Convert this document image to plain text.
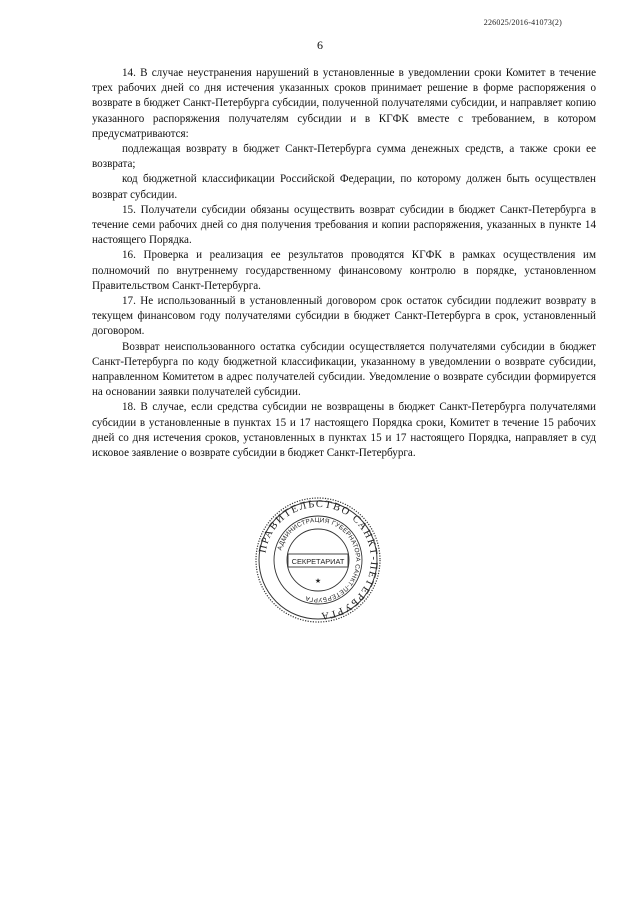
226025/2016-41073(2)
6

14. В случае неустранения нарушений в установленные в уведомлении сроки Комитет в течение трех рабочих дней со дня истечения указанных сроков принимает решение в форме распоряжения о возврате в бюджет Санкт-Петербурга субсидии, полученной получателями субсидии, и направляет копию указанного распоряжения получателям субсидии и в КГФК вместе с требованием, в котором предусматриваются:

подлежащая возврату в бюджет Санкт-Петербурга сумма денежных средств, а также сроки ее возврата;

код бюджетной классификации Российской Федерации, по которому должен быть осуществлен возврат субсидии.

15. Получатели субсидии обязаны осуществить возврат субсидии в бюджет Санкт-Петербурга в течение семи рабочих дней со дня получения требования и копии распоряжения, указанных в пункте 14 настоящего Порядка.

16. Проверка и реализация ее результатов проводятся КГФК в рамках осуществления им полномочий по внутреннему государственному финансовому контролю в порядке, установленном Правительством Санкт-Петербурга.

17. Не использованный в установленный договором срок остаток субсидии подлежит возврату в текущем финансовом году получателями субсидии в бюджет Санкт-Петербурга в срок, установленный договором.

Возврат неиспользованного остатка субсидии осуществляется получателями субсидии в бюджет Санкт-Петербурга по коду бюджетной классификации, указанному в уведомлении о возврате субсидии, направленном Комитетом в адрес получателей субсидии. Уведомление о возврате субсидии формируется на основании заявки получателей субсидии.

18. В случае, если средства субсидии не возвращены в бюджет Санкт-Петербурга получателями субсидии в установленные в пунктах 15 и 17 настоящего Порядка сроки, Комитет в течение 15 рабочих дней со дня истечения сроков, установленных в пунктах 15 и 17 настоящего Порядка, направляет в суд исковое заявление о возврате субсидии в бюджет Санкт-Петербурга.

ПРАВИТЕЛЬСТВО САНКТ-ПЕТЕРБУРГА
АДМИНИСТРАЦИЯ ГУБЕРНАТОРА САНКТ-ПЕТЕРБУРГА
СЕКРЕТАРИАТ
★
